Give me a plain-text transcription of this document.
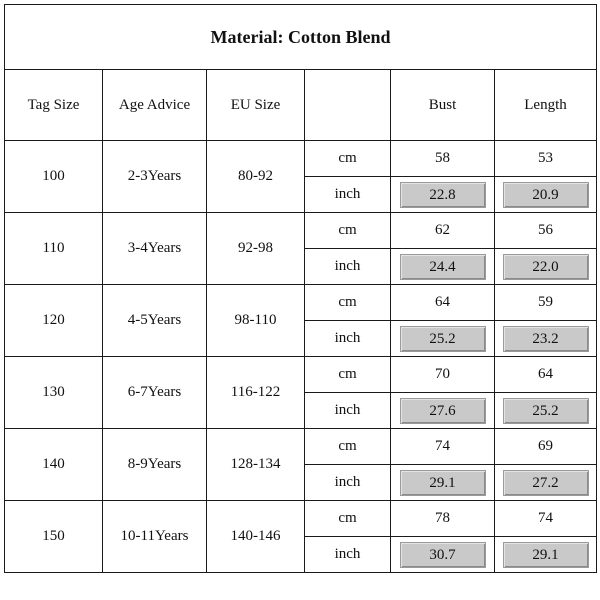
Material: Cotton Blend					
Tag Size	Age Advice	EU Size		Bust	Length
100	2-3Years	80-92	cm	58	53
			inch	22.8	20.9
110	3-4Years	92-98	cm	62	56
			inch	24.4	22.0
120	4-5Years	98-110	cm	64	59
			inch	25.2	23.2
130	6-7Years	116-122	cm	70	64
			inch	27.6	25.2
140	8-9Years	128-134	cm	74	69
			inch	29.1	27.2
150	10-11Years	140-146	cm	78	74
			inch	30.7	29.1
